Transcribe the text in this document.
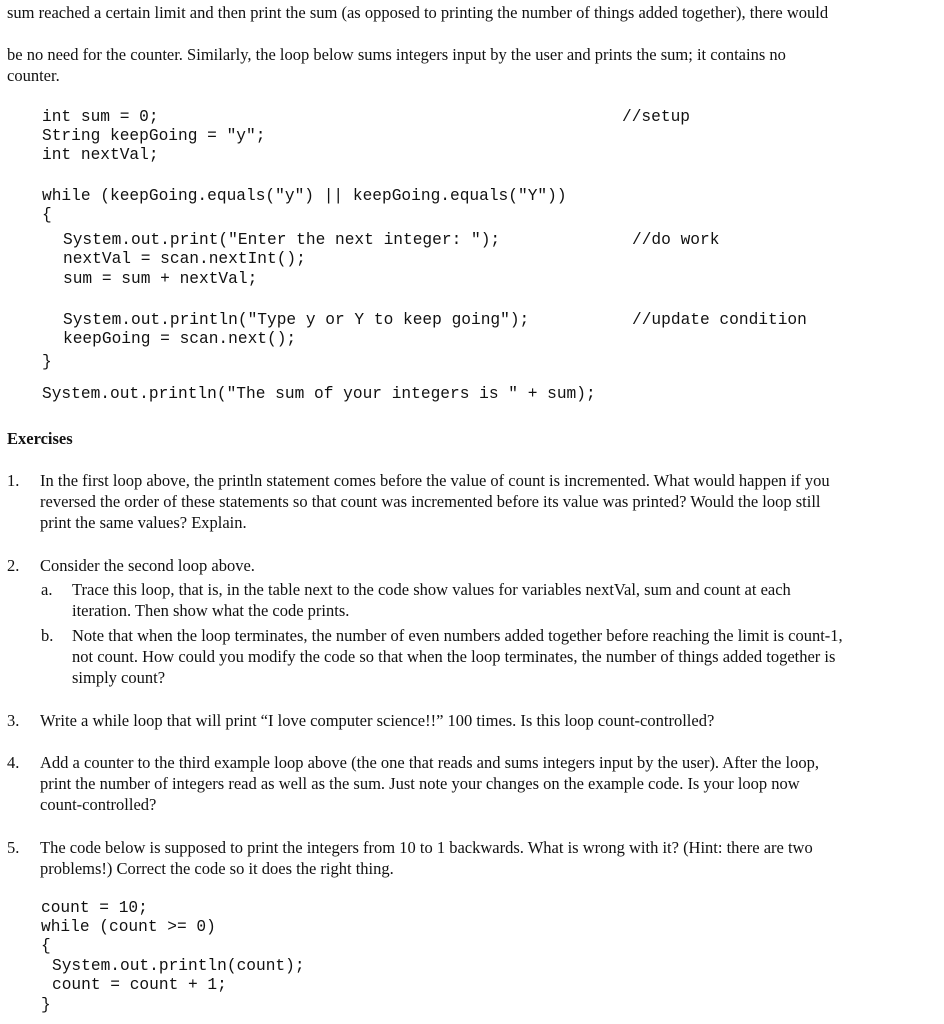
sum reached a certain limit and then print the sum (as opposed to printing the number of things added together), there would
be no need for the counter. Similarly, the loop below sums integers input by the user and prints the sum; it contains no
counter.
int sum = 0;	//setup
String keepGoing = "y";
int nextVal;
while (keepGoing.equals("y") || keepGoing.equals("Y"))
{
System.out.print("Enter the next integer: ");	//do work
nextVal = scan.nextInt();
sum = sum + nextVal;
System.out.println("Type y or Y to keep going");	//update condition
keepGoing = scan.next();
}
System.out.println("The sum of your integers is " + sum);
Exercises
1. In the first loop above, the println statement comes before the value of count is incremented. What would happen if you
reversed the order of these statements so that count was incremented before its value was printed? Would the loop still
print the same values? Explain.
2. Consider the second loop above.
a. Trace this loop, that is, in the table next to the code show values for variables nextVal, sum and count at each
iteration. Then show what the code prints.
b. Note that when the loop terminates, the number of even numbers added together before reaching the limit is count-1,
not count. How could you modify the code so that when the loop terminates, the number of things added together is
simply count?
3. Write a while loop that will print “I love computer science!!” 100 times. Is this loop count-controlled?
4. Add a counter to the third example loop above (the one that reads and sums integers input by the user). After the loop,
print the number of integers read as well as the sum. Just note your changes on the example code. Is your loop now
count-controlled?
5. The code below is supposed to print the integers from 10 to 1 backwards. What is wrong with it? (Hint: there are two
problems!) Correct the code so it does the right thing.
count = 10;
while (count >= 0)
{
System.out.println(count);
count = count + 1;
}
